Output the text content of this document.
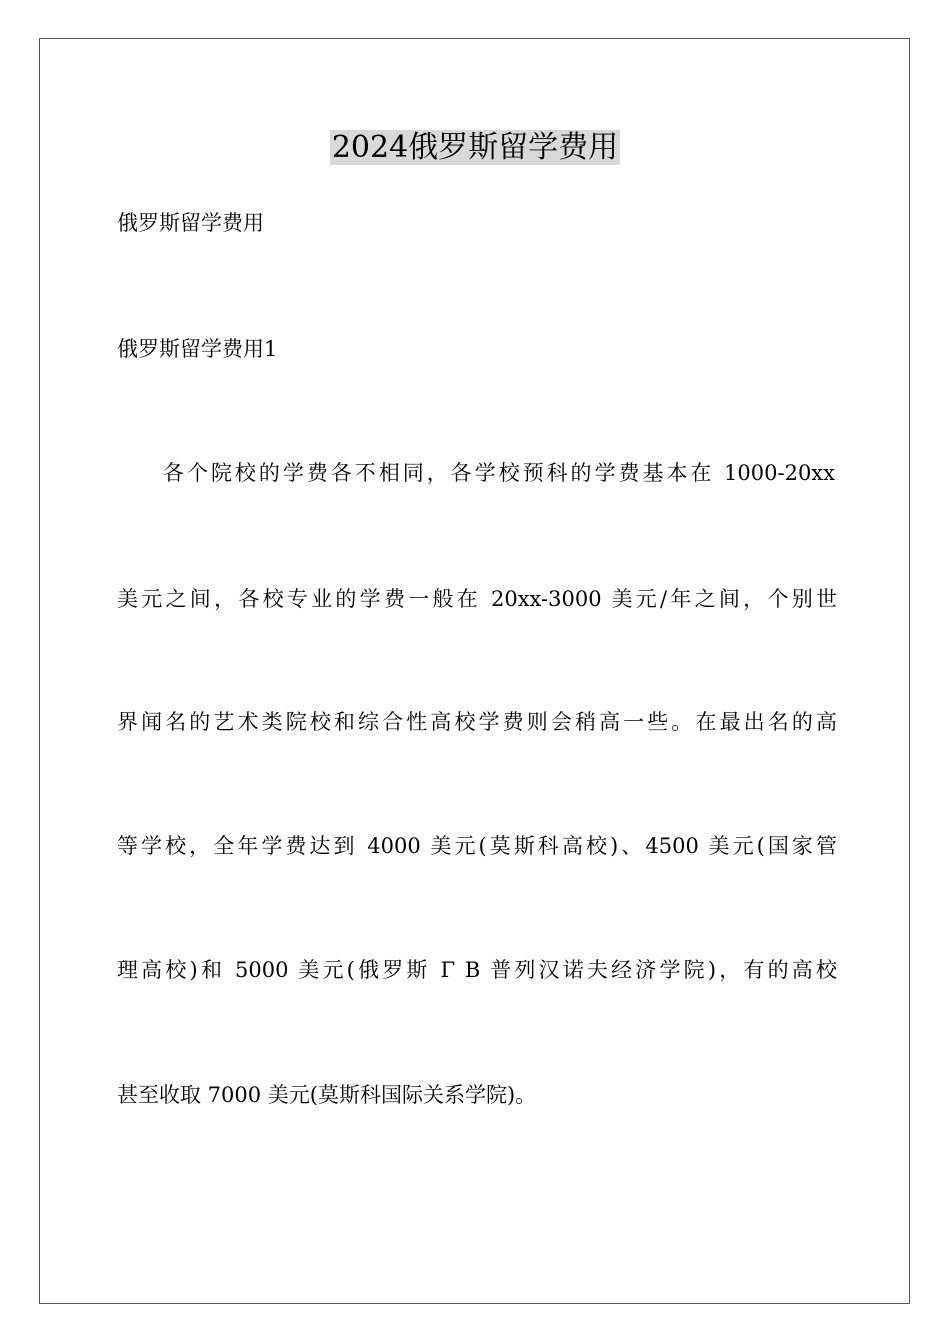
2024俄罗斯留学费用
俄罗斯留学费用
俄罗斯留学费用1
各个院校的学费各不相同，各学校预科的学费基本在 1000-20xx
美元之间，各校专业的学费一般在 20xx-3000 美元/年之间，个别世
界闻名的艺术类院校和综合性高校学费则会稍高一些。在最出名的高
等学校，全年学费达到 4000 美元(莫斯科高校)、4500 美元(国家管
理高校)和 5000 美元(俄罗斯 Γ В 普列汉诺夫经济学院)，有的高校
甚至收取 7000 美元(莫斯科国际关系学院)。
